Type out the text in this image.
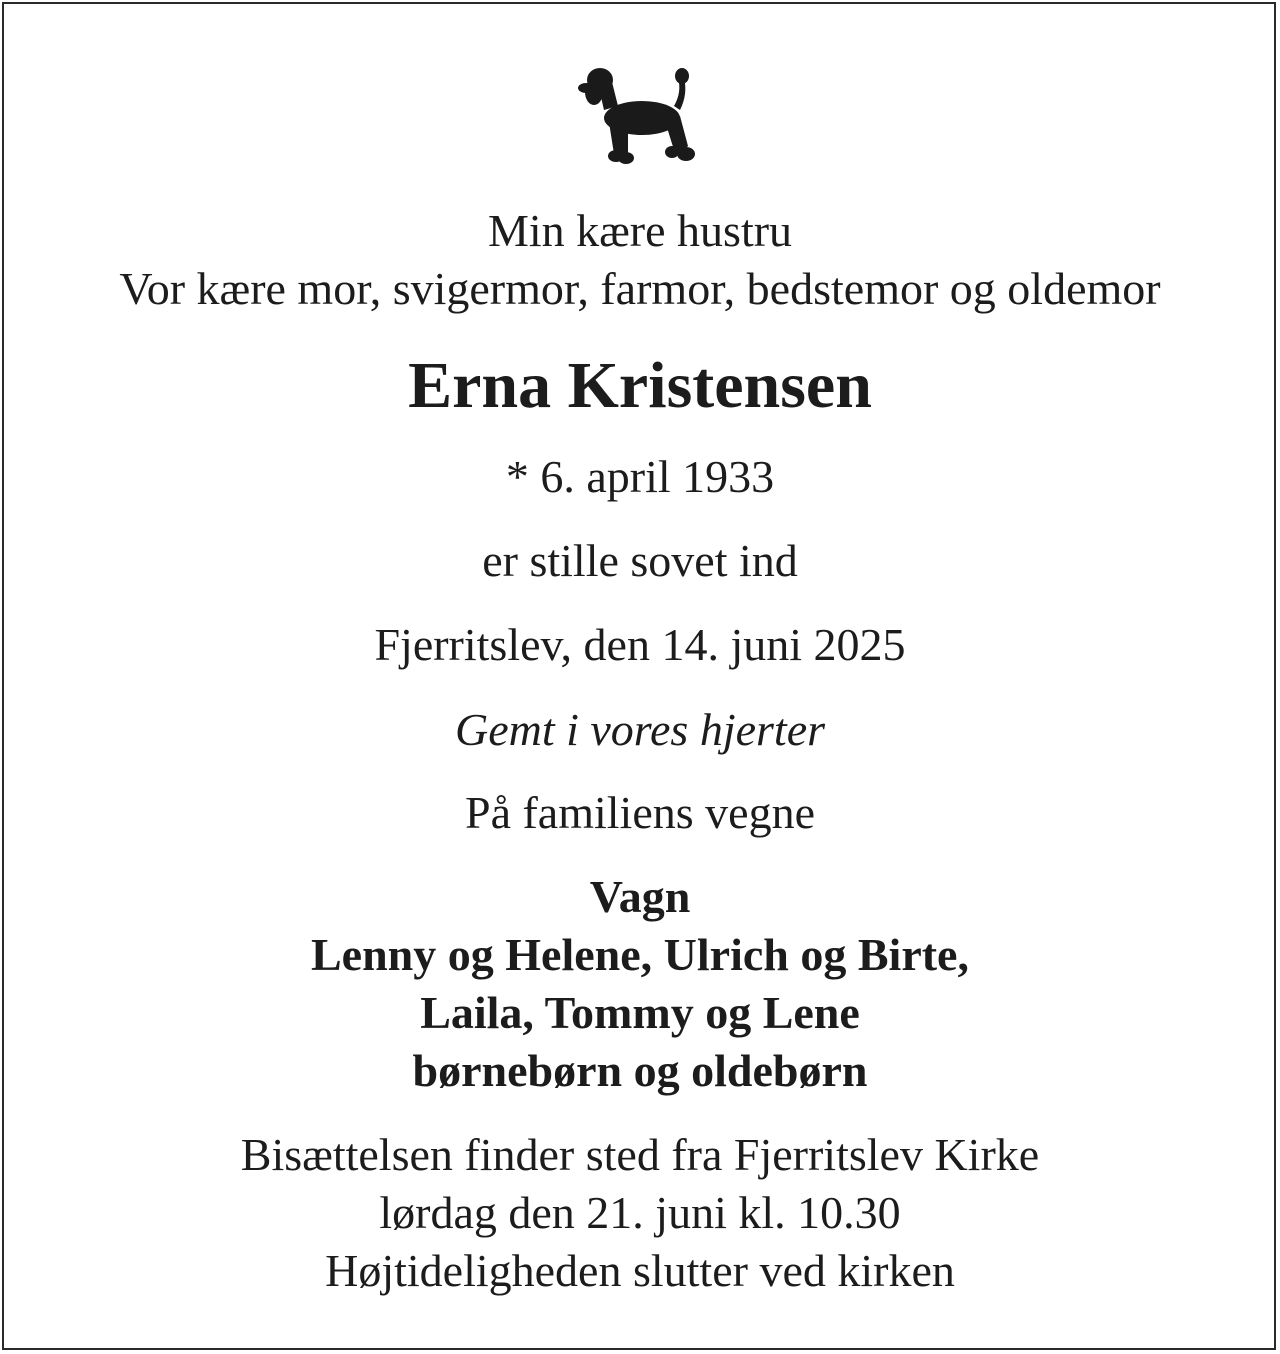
Min kære hustru
Vor kære mor, svigermor, farmor, bedstemor og oldemor
Erna Kristensen
* 6. april 1933
er stille sovet ind
Fjerritslev, den 14. juni 2025
Gemt i vores hjerter
På familiens vegne
Vagn
Lenny og Helene, Ulrich og Birte,
Laila, Tommy og Lene
børnebørn og oldebørn
Bisættelsen finder sted fra Fjerritslev Kirke
lørdag den 21. juni kl. 10.30
Højtideligheden slutter ved kirken
